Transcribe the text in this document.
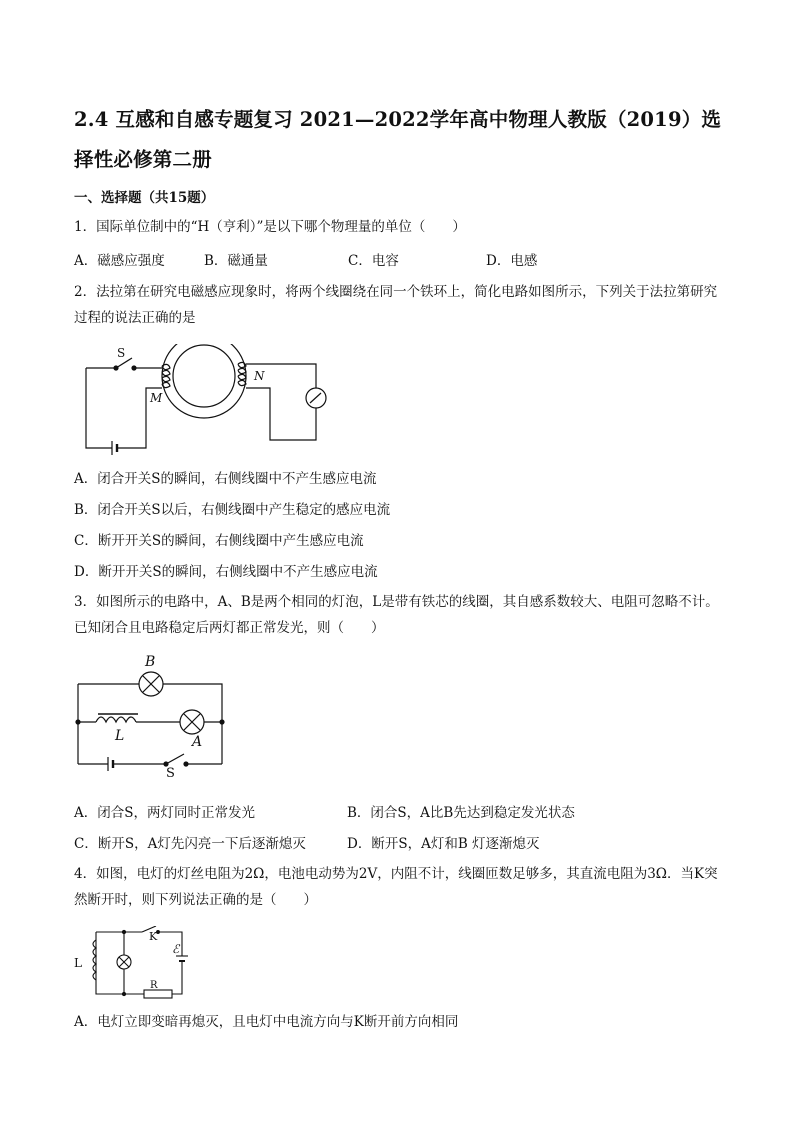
2.4 互感和自感专题复习 2021—2022学年高中物理人教版（2019）选择性必修第二册
一、选择题（共15题）
1．国际单位制中的“H（亨利）”是以下哪个物理量的单位（　　）
A．磁感应强度	B．磁通量	C．电容	D．电感
2．法拉第在研究电磁感应现象时，将两个线圈绕在同一个铁环上，简化电路如图所示，下列关于法拉第研究过程的说法正确的是
S
M
N
A．闭合开关S的瞬间，右侧线圈中不产生感应电流
B．闭合开关S以后，右侧线圈中产生稳定的感应电流
C．断开开关S的瞬间，右侧线圈中产生感应电流
D．断开开关S的瞬间，右侧线圈中不产生感应电流
3．如图所示的电路中，A、B是两个相同的灯泡，L是带有铁芯的线圈，其自感系数较大、电阻可忽略不计。已知闭合且电路稳定后两灯都正常发光，则（　　）
B
L	A
S
A．闭合S，两灯同时正常发光	B．闭合S，A比B先达到稳定发光状态
C．断开S，A灯先闪亮一下后逐渐熄灭	D．断开S，A灯和B 灯逐渐熄灭
4．如图，电灯的灯丝电阻为2Ω，电池电动势为2V，内阻不计，线圈匝数足够多，其直流电阻为3Ω．当K突然断开时，则下列说法正确的是（　　）
L
K
ℰ
R
A．电灯立即变暗再熄灭，且电灯中电流方向与K断开前方向相同
